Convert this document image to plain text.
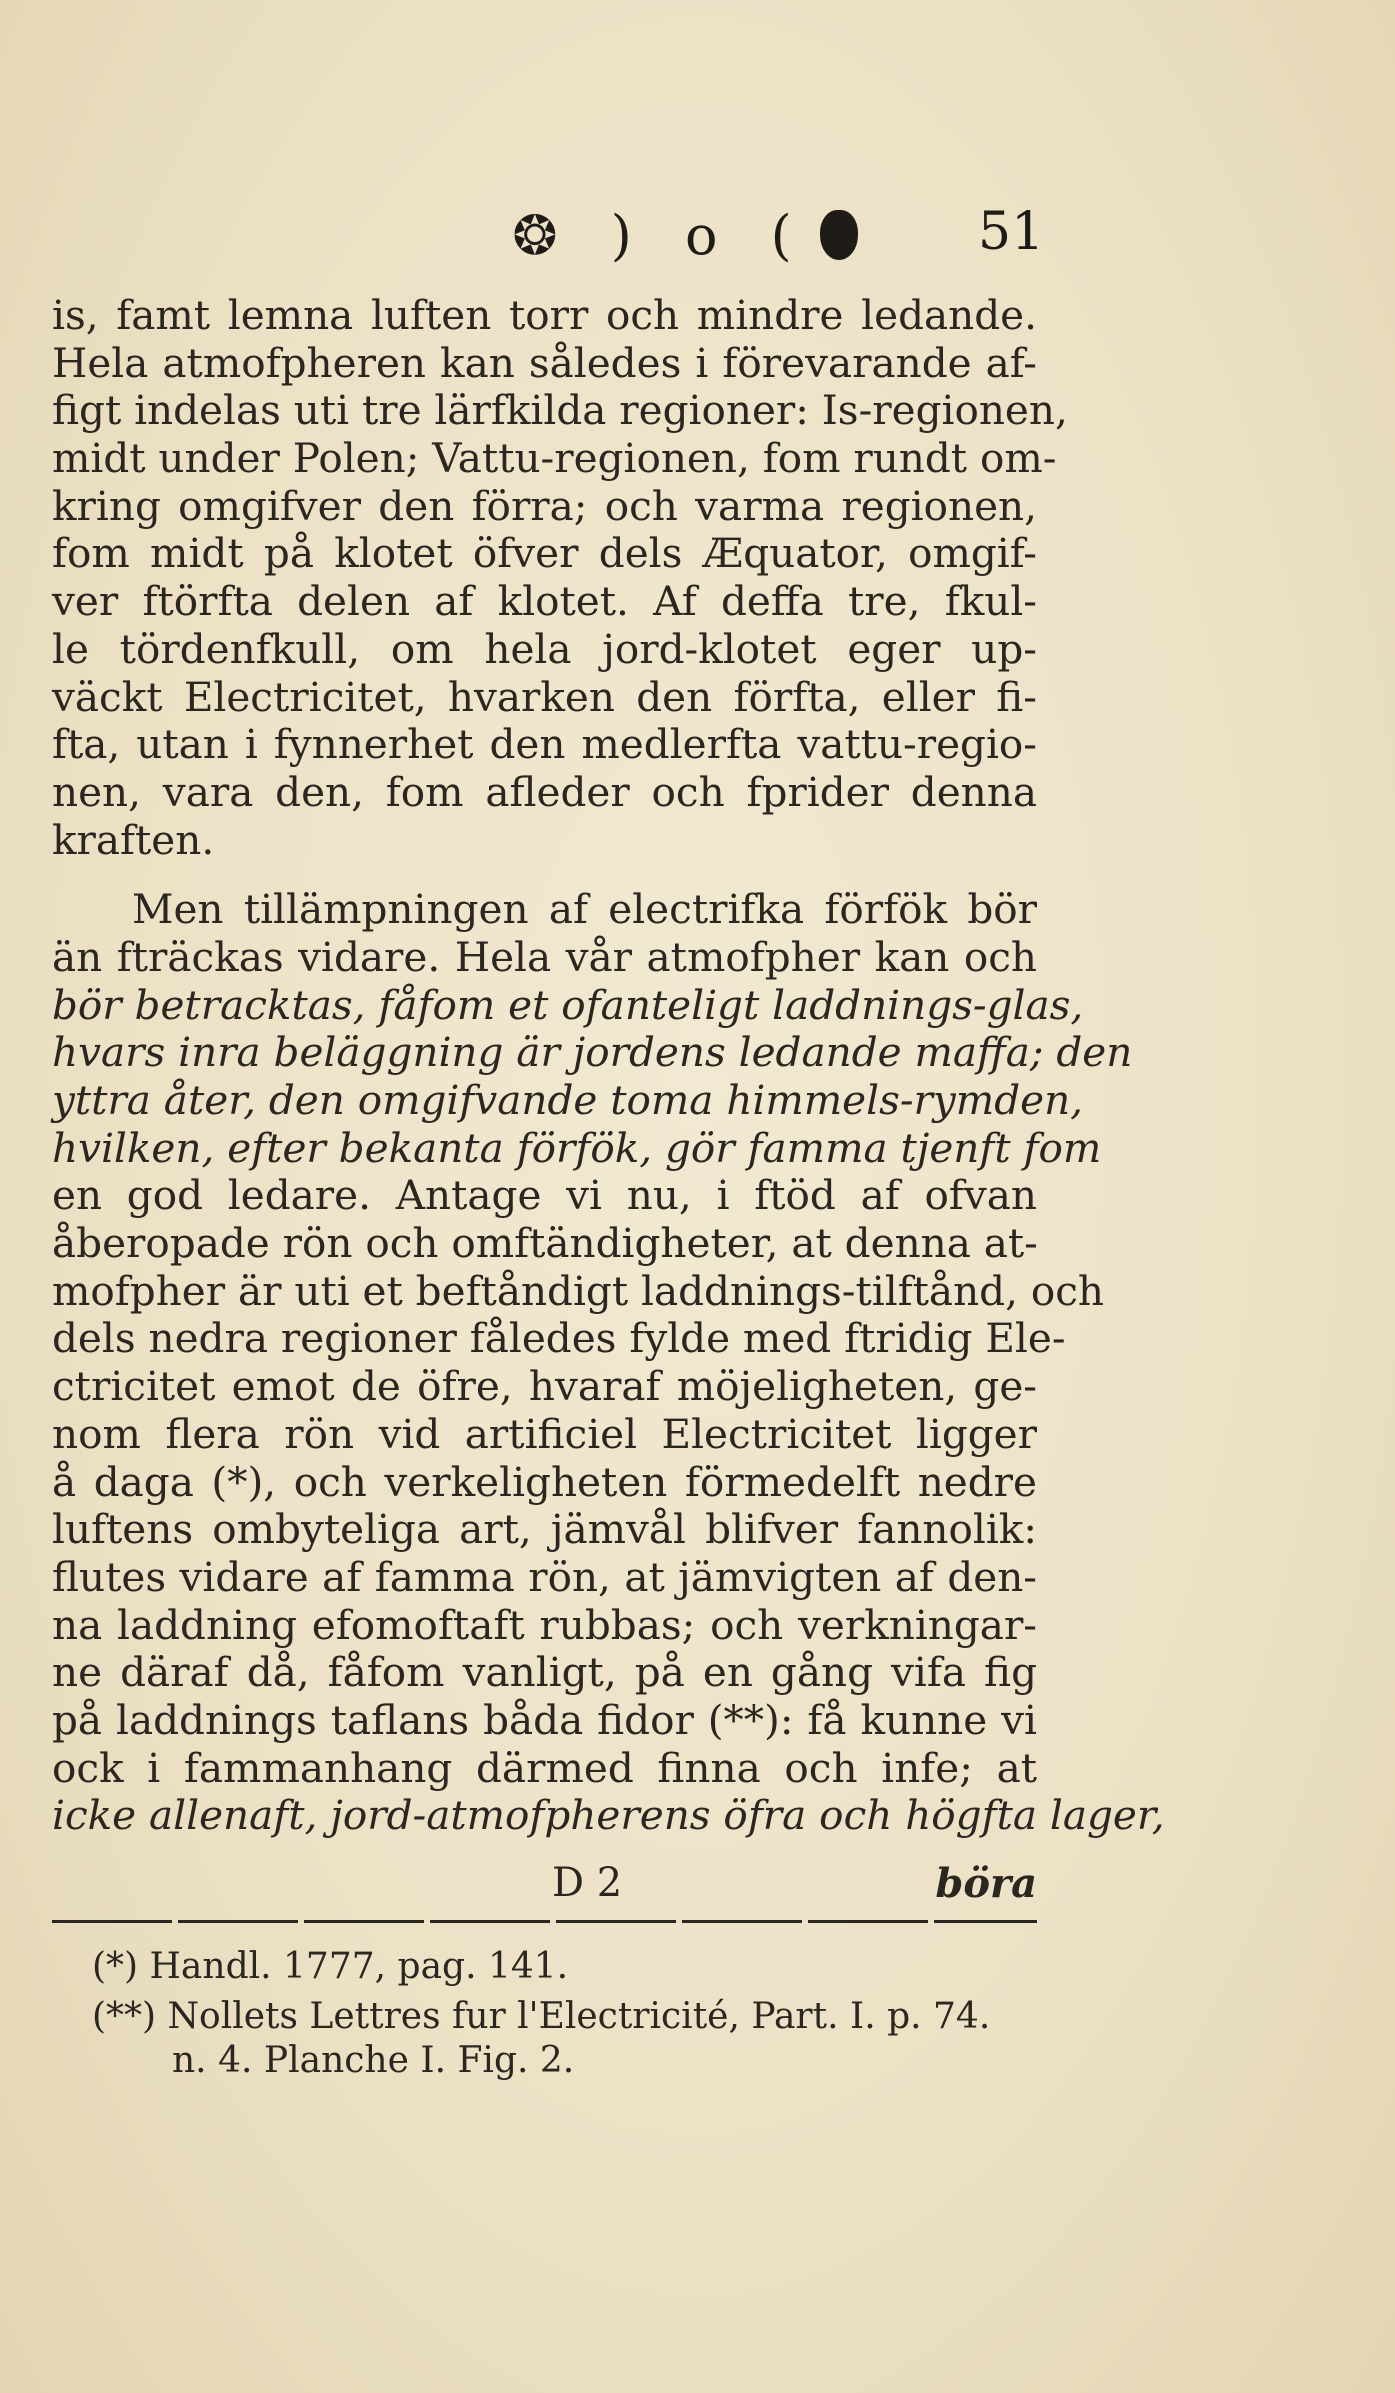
❂ ) o (	51
is, famt lemna luften torr och mindre ledande.
Hela atmofpheren kan således i förevarande af-
figt indelas uti tre lärfkilda regioner: Is-regionen,
midt under Polen; Vattu-regionen, fom rundt om-
kring omgifver den förra; och varma regionen,
fom midt på klotet öfver dels Æquator, omgif-
ver ftörfta delen af klotet. Af deffa tre, fkul-
le tördenfkull, om hela jord-klotet eger up-
väckt Electricitet, hvarken den förfta, eller fi-
fta, utan i fynnerhet den medlerfta vattu-regio-
nen, vara den, fom afleder och fprider denna
kraften.
Men tillämpningen af electrifka förfök bör
än fträckas vidare. Hela vår atmofpher kan och
bör betracktas, fåfom et ofanteligt laddnings-glas,
hvars inra beläggning är jordens ledande maffa; den
yttra åter, den omgifvande toma himmels-rymden,
hvilken, efter bekanta förfök, gör famma tjenft fom
en god ledare. Antage vi nu, i ftöd af ofvan
åberopade rön och omftändigheter, at denna at-
mofpher är uti et beftåndigt laddnings-tilftånd, och
dels nedra regioner fåledes fylde med ftridig Ele-
ctricitet emot de öfre, hvaraf möjeligheten, ge-
nom flera rön vid artificiel Electricitet ligger
å daga (*), och verkeligheten förmedelft nedre
luftens ombyteliga art, jämvål blifver fannolik:
flutes vidare af famma rön, at jämvigten af den-
na laddning efomoftaft rubbas; och verkningar-
ne däraf då, fåfom vanligt, på en gång vifa fig
på laddnings taflans båda fidor (**): få kunne vi
ock i fammanhang därmed finna och infe; at
icke allenaft, jord-atmofpherens öfra och högfta lager,
D 2	böra
(*) Handl. 1777, pag. 141.
(**) Nollets Lettres fur l'Electricité, Part. I. p. 74.
n. 4. Planche I. Fig. 2.
